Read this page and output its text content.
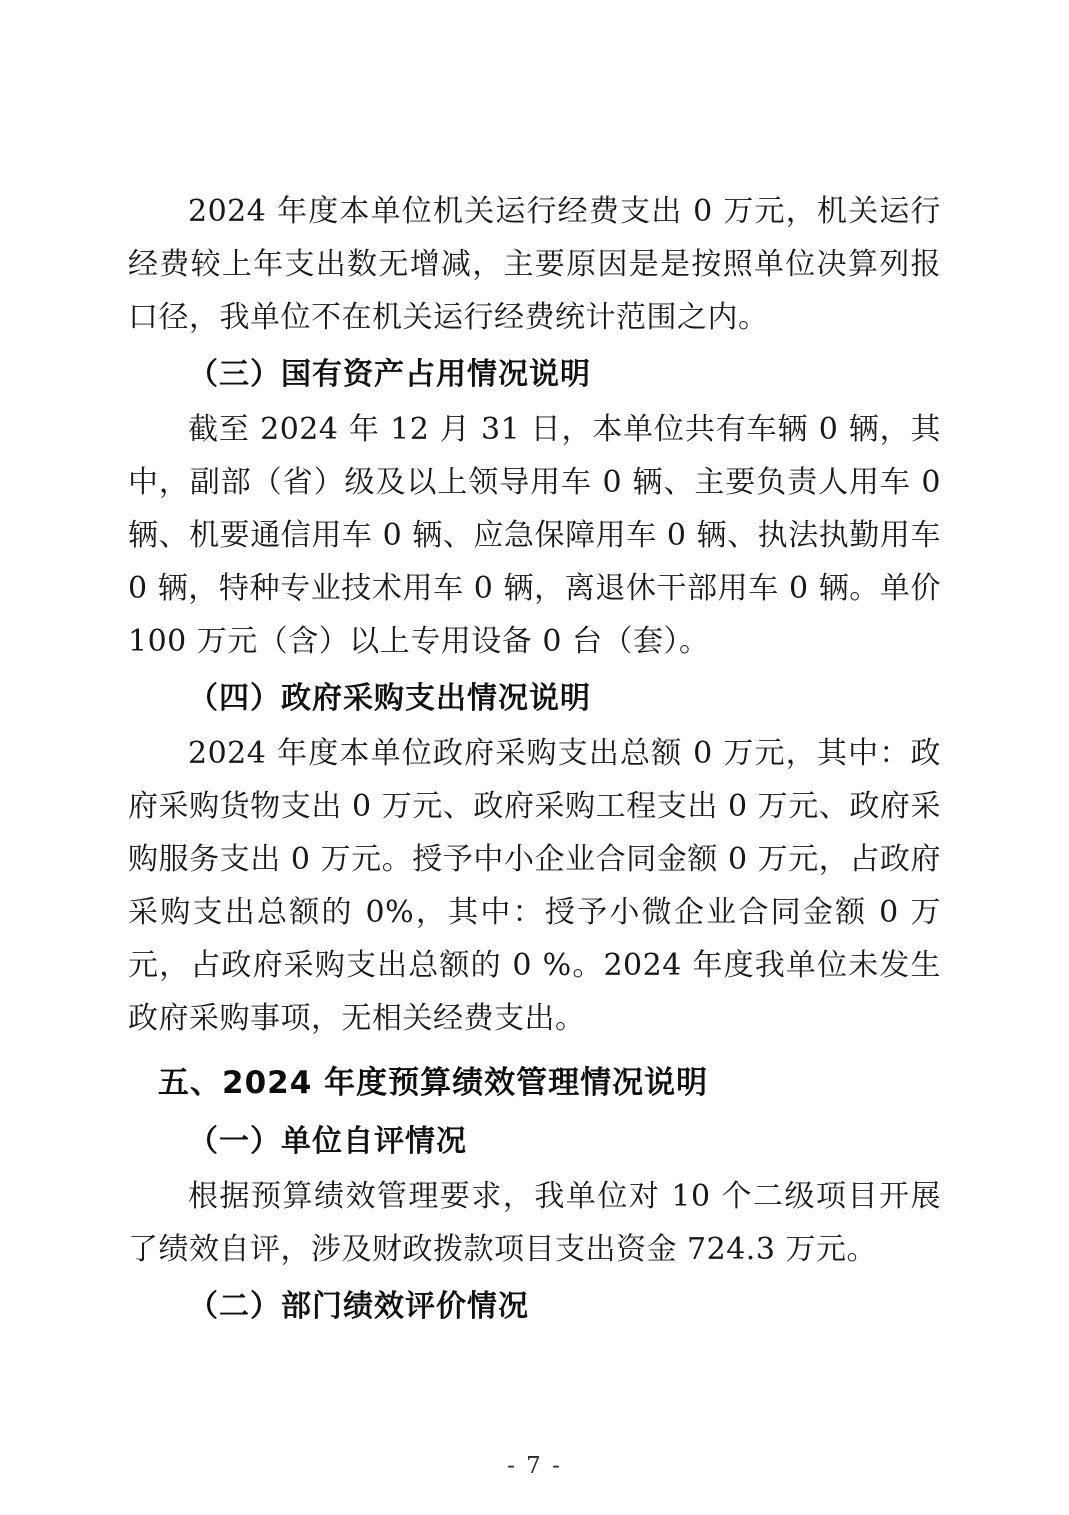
2024 年度本单位机关运行经费支出 0 万元，机关运行经费较上年支出数无增减，主要原因是是按照单位决算列报口径，我单位不在机关运行经费统计范围之内。

（三）国有资产占用情况说明

截至 2024 年 12 月 31 日，本单位共有车辆 0 辆，其中，副部（省）级及以上领导用车 0 辆、主要负责人用车 0 辆、机要通信用车 0 辆、应急保障用车 0 辆、执法执勤用车 0 辆，特种专业技术用车 0 辆，离退休干部用车 0 辆。单价 100 万元（含）以上专用设备 0 台（套）。

（四）政府采购支出情况说明

2024 年度本单位政府采购支出总额 0 万元，其中：政府采购货物支出 0 万元、政府采购工程支出 0 万元、政府采购服务支出 0 万元。授予中小企业合同金额 0 万元，占政府采购支出总额的 0%，其中：授予小微企业合同金额 0 万元，占政府采购支出总额的 0 %。2024 年度我单位未发生政府采购事项，无相关经费支出。

五、2024 年度预算绩效管理情况说明
（一）单位自评情况

根据预算绩效管理要求，我单位对 10 个二级项目开展了绩效自评，涉及财政拨款项目支出资金 724.3 万元。

（二）部门绩效评价情况
- 7 -
